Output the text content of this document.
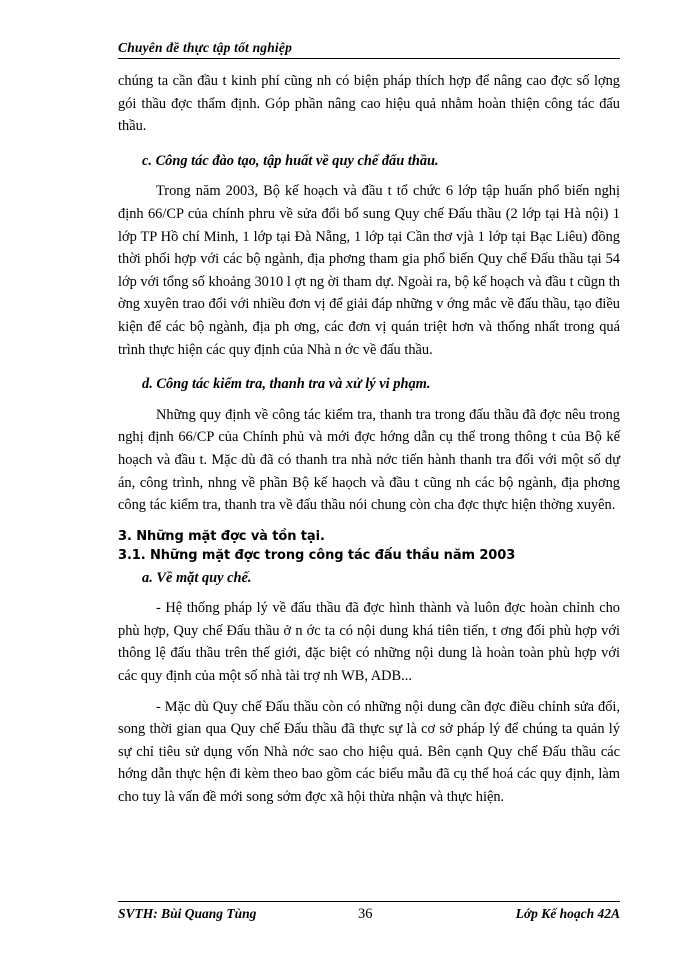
Chuyên đề thực tập tốt nghiệp

chúng ta cần đầu t kinh phí cũng nh có biện pháp thích hợp để nâng cao đợc số lợng gói thầu đợc thẩm định. Góp phần nâng cao hiệu quả nhằm hoàn thiện công tác đấu thầu.

c. Công tác đào tạo, tập huất về quy chế đấu thầu.

Trong năm 2003, Bộ kế hoạch và đầu t tổ chức 6 lớp tập huấn phổ biến nghị định 66/CP của chính phru về sửa đổi bổ sung Quy chế Đấu thầu (2 lớp tại Hà nội) 1 lớp TP Hồ chí Minh, 1 lớp tại Đà Nẵng, 1 lớp tại Cần thơ vjà 1 lớp tại Bạc Liêu) đồng thời phối hợp với các bộ ngành, địa phơng tham gia phổ biến Quy chế Đấu thầu tại 54 lớp với tổng số khoảng 3010 l ợt ng ời tham dự. Ngoài ra, bộ kế hoạch và đầu t cũgn th ờng xuyên trao đổi với nhiều đơn vị để giải đáp những v ớng mắc về đấu thầu, tạo điều kiện để các bộ ngành, địa ph ơng, các đơn vị quán triệt hơn và thống nhất trong quá trình thực hiện các quy định của Nhà n ớc về đấu thầu.

d. Công tác kiểm tra, thanh tra và xử lý vi phạm.

Những quy định về công tác kiểm tra, thanh tra trong đấu thầu đã đợc nêu trong nghị định 66/CP của Chính phủ và mới đợc hớng dẫn cụ thể trong thông t của Bộ kế hoạch và đầu t. Mặc dù đã có thanh tra nhà nớc tiến hành thanh tra đối với một số dự án, công trình, nhng về phần Bộ kế haọch và đầu t cũng nh các bộ ngành, địa phơng công tác kiểm tra, thanh tra về đấu thầu nói chung còn cha đợc thực hiện thờng xuyên.

3. Những mặt đợc và tồn tại.
3.1. Những mặt đợc trong công tác đấu thầu năm 2003
a. Về mặt quy chế.

- Hệ thống pháp lý về đấu thầu đã đợc hình thành và luôn đợc hoàn chỉnh cho phù hợp, Quy chế Đấu thầu ở n ớc ta có nội dung khá tiên tiến, t ơng đối phù hợp với thông lệ đấu thầu trên thế giới, đặc biệt có những nội dung là hoàn toàn phù hợp với các quy định của một số nhà tài trợ nh WB, ADB...

- Mặc dù Quy chế Đấu thầu còn có những nội dung cần đợc điều chỉnh sửa đổi, song thời gian qua Quy chế Đấu thầu đã thực sự là cơ sở pháp lý để chúng ta quản lý sự chỉ tiêu sử dụng vốn Nhà nớc sao cho hiệu quả. Bên cạnh Quy chế Đấu thầu các hớng dẫn thực hện đi kèm theo bao gồm các biểu mẫu đã cụ thể hoá các quy định, làm cho tuy là vấn đề mới song sớm đợc xã hội thừa nhận và thực hiện.

SVTH: Bùi Quang Tùng	36	Lớp Kế hoạch 42A
